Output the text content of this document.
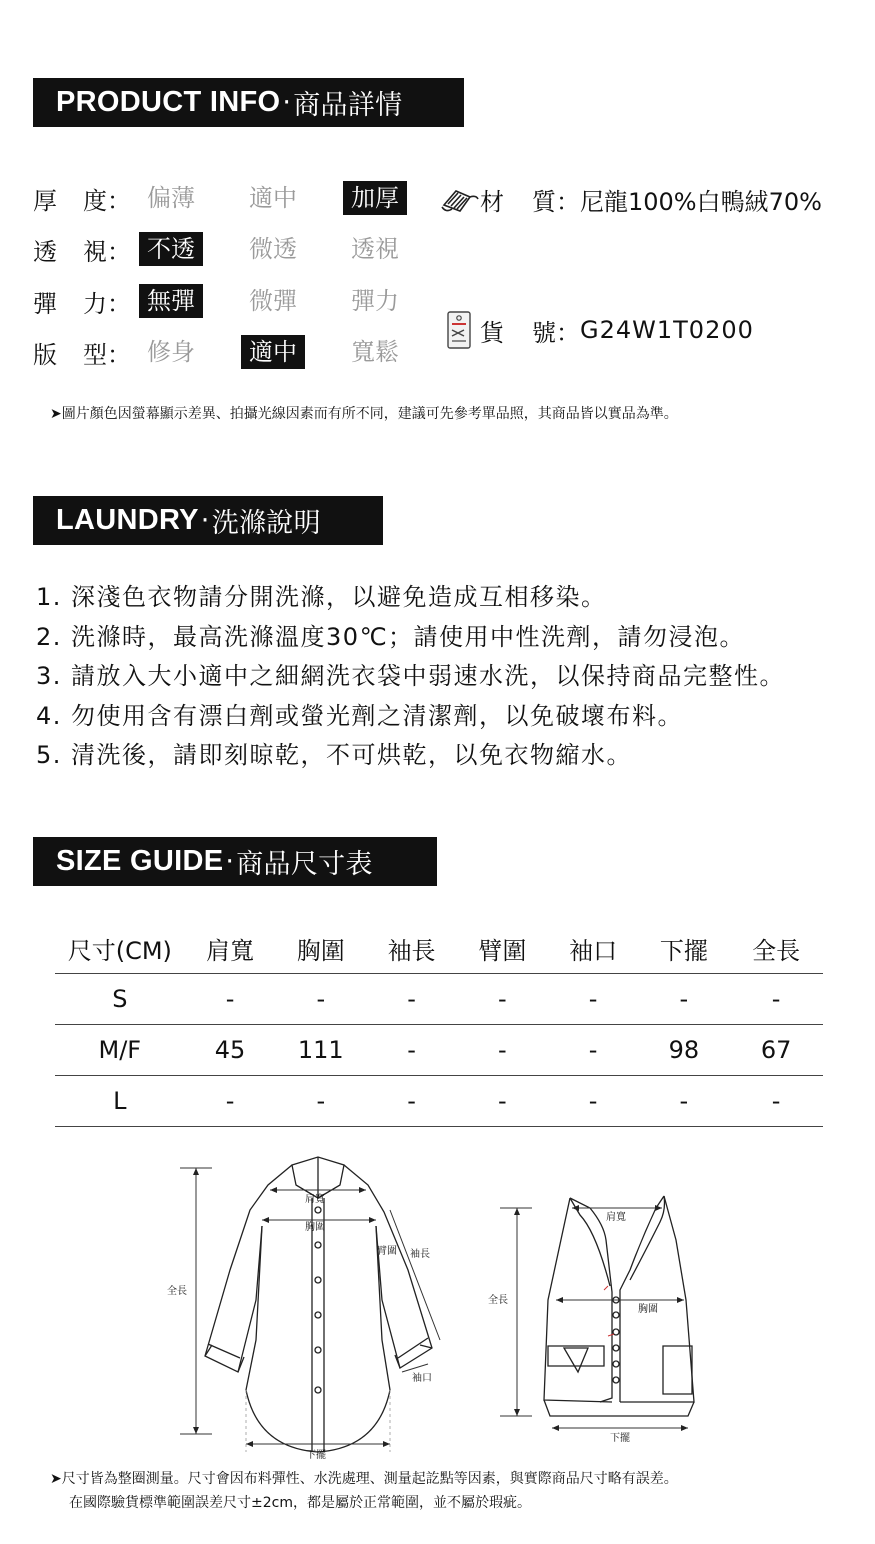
PRODUCT INFO · 商品詳情
厚	度： 偏薄	適中	加厚
透	視： 不透	微透	透視
彈	力： 無彈	微彈	彈力
版	型： 修身	適中	寬鬆
材	質： 尼龍100%白鴨絨70%
貨	號： G24W1T0200
➤圖片顏色因螢幕顯示差異、拍攝光線因素而有所不同，建議可先參考單品照，其商品皆以實品為準。
LAUNDRY · 洗滌說明
1. 深淺色衣物請分開洗滌，以避免造成互相移染。
2. 洗滌時，最高洗滌溫度30℃；請使用中性洗劑，請勿浸泡。
3. 請放入大小適中之細網洗衣袋中弱速水洗，以保持商品完整性。
4. 勿使用含有漂白劑或螢光劑之清潔劑，以免破壞布料。
5. 清洗後，請即刻晾乾，不可烘乾，以免衣物縮水。
SIZE GUIDE · 商品尺寸表
尺寸(CM)	肩寬	胸圍	袖長	臂圍	袖口	下擺	全長
S	-	-	-	-	-	-	-
M/F	45	111	-	-	-	98	67
L	-	-	-	-	-	-	-
肩寬
胸圍
臂圍 袖長
全長
袖口
下擺
肩寬
胸圍
全長
下擺
➤尺寸皆為整圈測量。尺寸會因布料彈性、水洗處理、測量起訖點等因素，與實際商品尺寸略有誤差。
在國際驗貨標準範圍誤差尺寸±2cm，都是屬於正常範圍，並不屬於瑕疵。
